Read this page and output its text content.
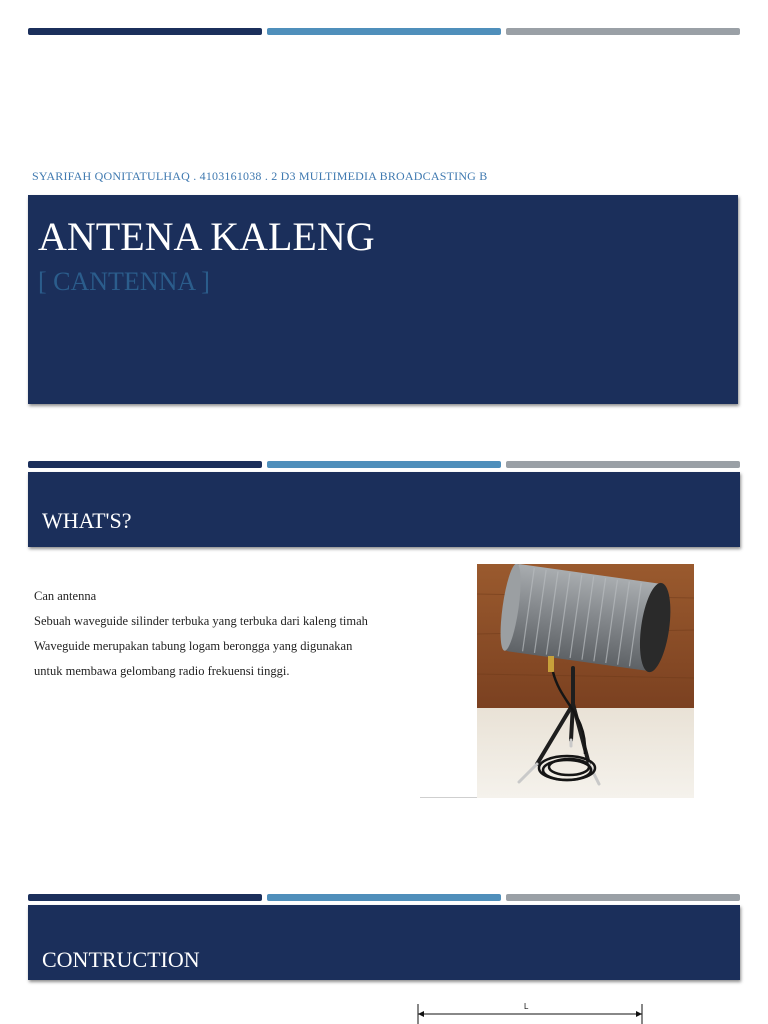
SYARIFAH QONITATULHAQ . 4103161038 . 2 D3 MULTIMEDIA BROADCASTING B
ANTENA KALENG
[ CANTENNA ]
WHAT'S?
Can antenna
Sebuah waveguide silinder terbuka yang terbuka dari kaleng timah
Waveguide merupakan tabung logam berongga yang digunakan
untuk membawa gelombang radio frekuensi tinggi.
CONTRUCTION
L
